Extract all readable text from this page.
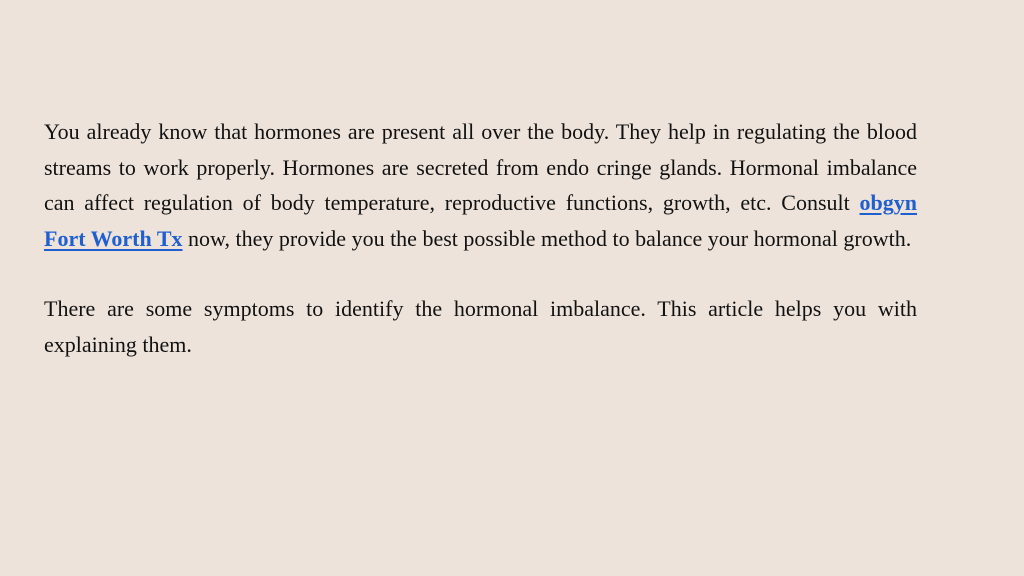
You already know that hormones are present all over the body. They help in regulating the blood streams to work properly. Hormones are secreted from endo cringe glands. Hormonal imbalance can affect regulation of body temperature, reproductive functions, growth, etc. Consult obgyn Fort Worth Tx now, they provide you the best possible method to balance your hormonal growth.

There are some symptoms to identify the hormonal imbalance. This article helps you with explaining them.
